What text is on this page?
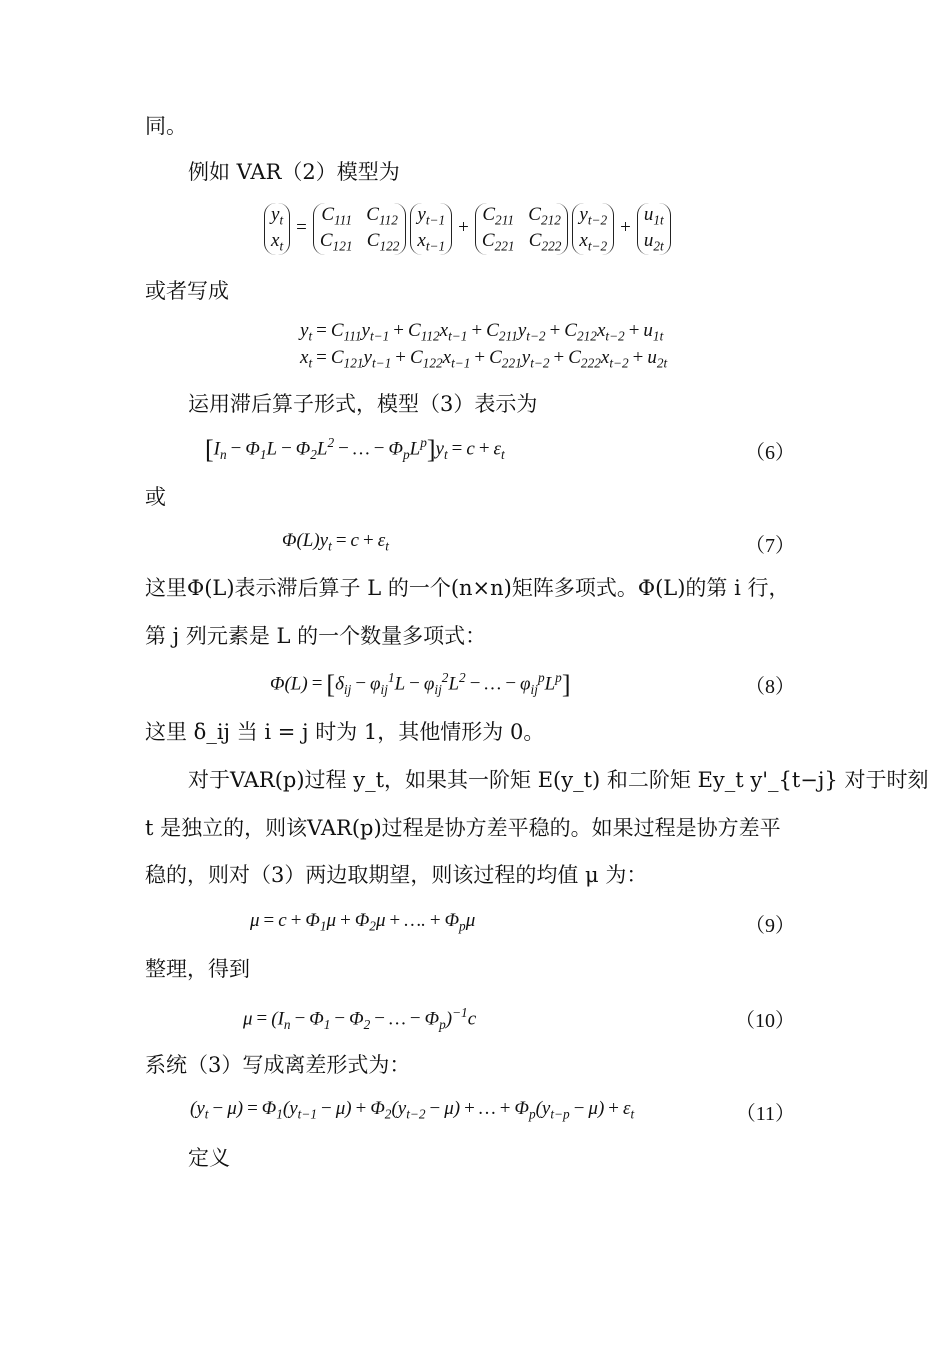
同。
例如 VAR（2）模型为
$y_t$
$x_t$
=
$C_{111}$   $C_{112}$
$C_{121}$   $C_{122}$
$y_{t-1}$
$x_{t-1}$
+
$C_{211}$   $C_{212}$
$C_{221}$   $C_{222}$
$y_{t-2}$
$x_{t-2}$
+
$u_{1t}$
$u_{2t}$
或者写成
$y_t = C_{111}y_{t-1} + C_{112}x_{t-1} + C_{211}y_{t-2} + C_{212}x_{t-2} + u_{1t}$
$x_t = C_{121}y_{t-1} + C_{122}x_{t-1} + C_{221}y_{t-2} + C_{222}x_{t-2} + u_{2t}$
运用滞后算子形式，模型（3）表示为
[$I_n - \Phi_1L - \Phi_2L^2$ − … − $\Phi_pL^p]y_t = c + \varepsilon_t$	（6）
或
$\Phi(L)y_t = c + \varepsilon_t$	（7）
这里Φ(L)表示滞后算子 L 的一个(n×n)矩阵多项式。Φ(L)的第 i 行，
第 j 列元素是 L 的一个数量多项式：
$\Phi(L) = [\delta_{ij} - \varphi_{ij}^1L - \varphi_{ij}^2L^2$ − … − $\varphi_{ij}^pL^p$]	（8）
这里 δ_ij 当 i = j 时为 1，其他情形为 0。
对于VAR(p)过程 y_t，如果其一阶矩 E(y_t) 和二阶矩 Ey_t y'_{t−j} 对于时刻
t 是独立的，则该VAR(p)过程是协方差平稳的。如果过程是协方差平
稳的，则对（3）两边取期望，则该过程的均值 μ 为：
$\mu = c + \Phi_1\mu + \Phi_2\mu$ + …. + $\Phi_p\mu$	（9）
整理，得到
$\mu = (I_n - \Phi_1 - \Phi_2$ − … − $\Phi_p)^{-1}c$	（10）
系统（3）写成离差形式为：
$(y_t - \mu) = \Phi_1(y_{t-1} - \mu) + \Phi_2(y_{t-2} - \mu)$ + … + $\Phi_p(y_{t-p} - \mu) + \varepsilon_t$	（11）
定义
